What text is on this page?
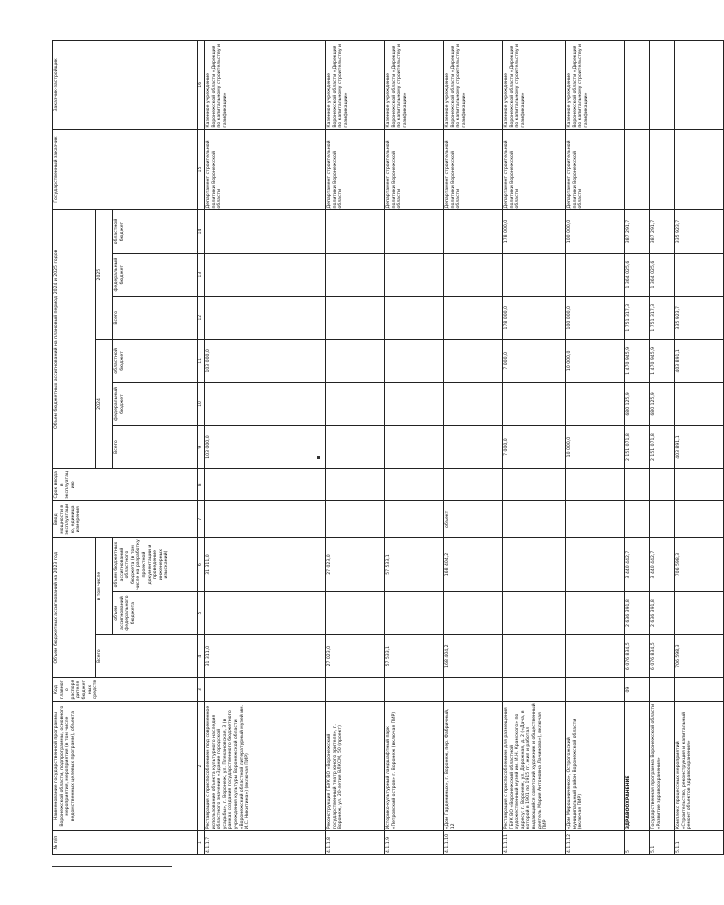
№ п/п	Наименование государственной программы Воронежской области, подпрограммы, основного мероприятия, мероприятия (в том числе ведомственных целевых программ), объекта	Код главного распорядителя бюджетных средств	Объем бюджетных ассигнований на 2023 год			Ввод мощности в эксплуатацию, единица измерения	Срок ввода в эксплуатацию	Объем бюджетных ассигнований на плановый период 2024 и 2025 годов						Государственный заказчик	Заказчик-застройщик
			Всего	в том числе				2024			2025				
				объем ассигнований федерального бюджета	объем бюджетных ассигнований областного бюджета (в том числе на разработку проектной документации и проведение инженерных изысканий)			Всего	федеральный бюджет	областной бюджет	Всего	федеральный бюджет	областной бюджет		
1	2	3	4	5	6	7	8	9	10	11	12	13	14	15	16
4.1.1.7	Реставрация с приспособлением под современное использование объекта культурного наследия областного значения «Здание городской усадьбы», г. Воронеж, ул. Плехановская, 3 (в рамках создания государственного бюджетного учреждения культуры Воронежской области «Воронежский областной литературный музей им. И.С. Никитина») (включая ПИР)		31 311,0		31 311,0			103 000,0		103 000,0				Департамент строительной политики Воронежской области	Казенное учреждение Воронежской области «Дирекция по капитальному строительству и газификации»
4.1.1.8	Реконструкция ГБУК ВО «Воронежский государственный театр юного зрителя», г. Воронеж, ул. 20-летия ВЛКСМ, 50 (проект)		27 023,0		27 023,0									Департамент строительной политики Воронежской области	Казенное учреждение Воронежской области «Дирекция по капитальному строительству и газификации»
4.1.1.9	Историко-культурный ландшафтный парк «Петровский остров» г. Воронеж (включая ПИР)		57 533,1		57 533,1									Департамент строительной политики Воронежской области	Казенное учреждение Воронежской области «Дирекция по капитальному строительству и газификации»
4.1.1.10	«Дом Гардениных», г. Воронеж, пер. Фабричный, 12		168 404,2		168 404,2	объект								Департамент строительной политики Воронежской области	Казенное учреждение Воронежской области «Дирекция по капитальному строительству и газификации»
4.1.1.11	Реставрация с приспособлением для размещения ГБУК ВО «Воронежский областной художественный музей им. И.Н. Крамского» по адресу: г. Воронеж, ул. Дорожная, д. 2 («Дача, в которой в 1901 по 1915 гг. жил и работал выдающийся советский художник и общественный деятель Мария Антоновна Лачинова»), включая ПИР							7 000,0		7 000,0	178 000,0		178 000,0	Департамент строительной политики Воронежской области	Казенное учреждение Воронежской области «Дирекция по капитальному строительству и газификации»
4.1.1.12	«Дом Мирошниченко», Острогожский муниципальный район Воронежской области (включая ПИР)							10 000,0		10 000,0	100 000,0		100 000,0	Департамент строительной политики Воронежской области	Казенное учреждение Воронежской области «Дирекция по капитальному строительству и газификации»
5	ЗДРАВООХРАНЕНИЕ	09	6 076 834,5	2 636 391,8	3 440 442,7			2 151 071,8	680 125,9	1 470 945,9	1 751 317,3	1 364 025,6	387 291,7		
5.1	Государственная программа Воронежской области «Развитие здравоохранения»		6 076 834,5	2 636 391,8	3 440 442,7			2 151 071,8	680 125,9	1 470 945,9	1 751 317,3	1 364 025,6	387 291,7		
5.1.1	Комплекс процессных мероприятий «Строительство, реконструкция и капитальный ремонт объектов здравоохранения»		706 598,3		706 598,3			403 891,1		403 891,1	335 923,7		335 923,7		
